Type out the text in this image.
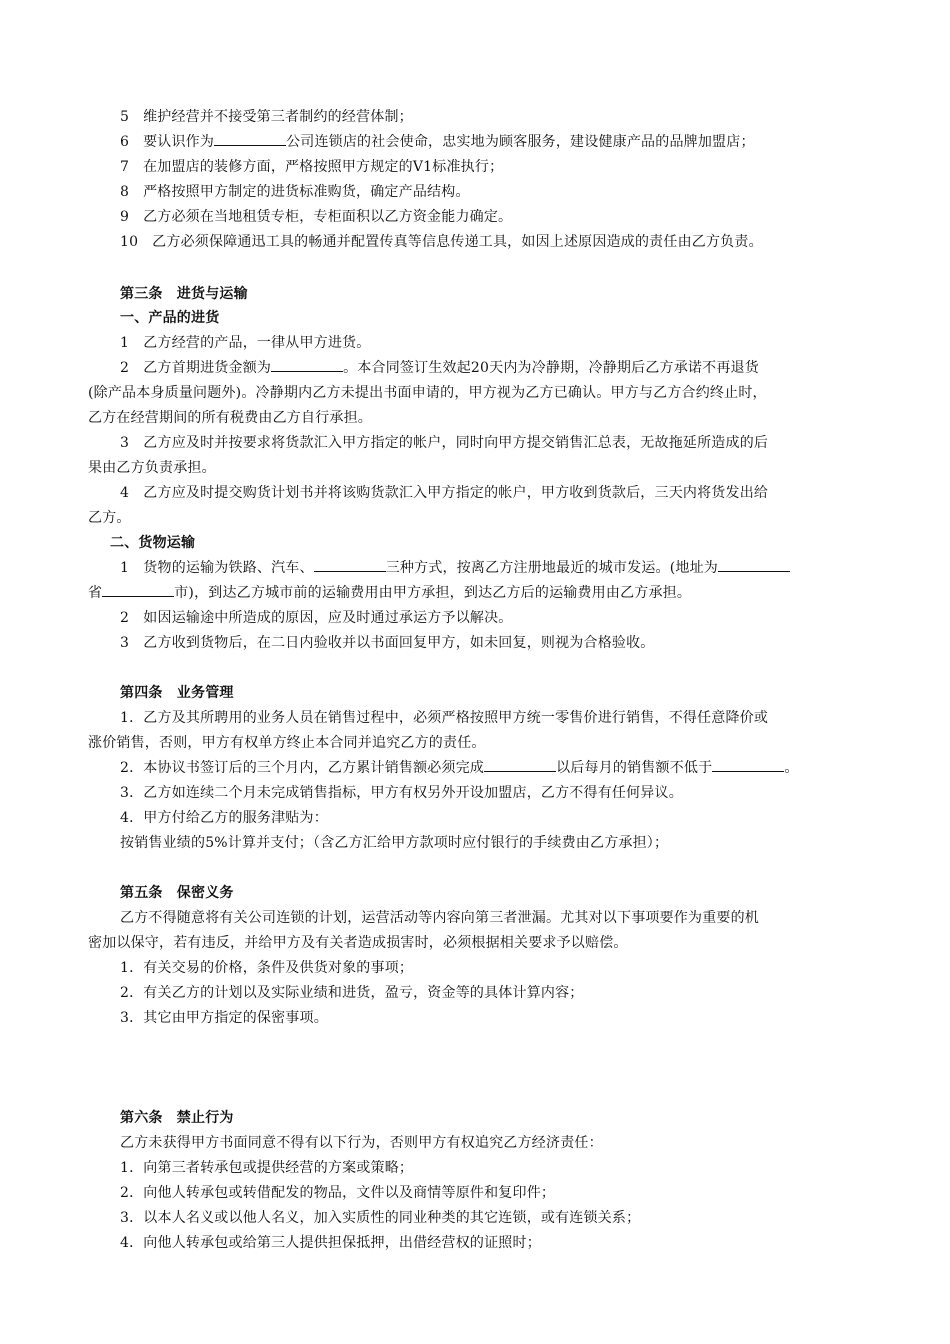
5 维护经营并不接受第三者制约的经营体制；
6 要认识作为	公司连锁店的社会使命，忠实地为顾客服务，建设健康产品的品牌加盟店；
7 在加盟店的装修方面，严格按照甲方规定的V1标准执行；
8 严格按照甲方制定的进货标准购货，确定产品结构。
9 乙方必须在当地租赁专柜，专柜面积以乙方资金能力确定。
10 乙方必须保障通迅工具的畅通并配置传真等信息传递工具，如因上述原因造成的责任由乙方负责。
第三条　进货与运输
一、产品的进货
1　乙方经营的产品，一律从甲方进货。
2　乙方首期进货金额为	。本合同签订生效起20天内为冷静期，冷静期后乙方承诺不再退货
(除产品本身质量问题外)。冷静期内乙方未提出书面申请的，甲方视为乙方已确认。甲方与乙方合约终止时，
乙方在经营期间的所有税费由乙方自行承担。
3　乙方应及时并按要求将货款汇入甲方指定的帐户，同时向甲方提交销售汇总表，无故拖延所造成的后
果由乙方负责承担。
4　乙方应及时提交购货计划书并将该购货款汇入甲方指定的帐户，甲方收到货款后，三天内将货发出给
乙方。
二、货物运输
1　货物的运输为铁路、汽车、	三种方式，按离乙方注册地最近的城市发运。(地址为
省	市)，到达乙方城市前的运输费用由甲方承担，到达乙方后的运输费用由乙方承担。
2　如因运输途中所造成的原因，应及时通过承运方予以解决。
3　乙方收到货物后，在二日内验收并以书面回复甲方，如未回复，则视为合格验收。
第四条　业务管理
1．乙方及其所聘用的业务人员在销售过程中，必须严格按照甲方统一零售价进行销售，不得任意降价或
涨价销售，否则，甲方有权单方终止本合同并追究乙方的责任。
2．本协议书签订后的三个月内，乙方累计销售额必须完成	以后每月的销售额不低于	。
3．乙方如连续二个月未完成销售指标，甲方有权另外开设加盟店，乙方不得有任何异议。
4．甲方付给乙方的服务津贴为：
按销售业绩的5%计算并支付；（含乙方汇给甲方款项时应付银行的手续费由乙方承担）；
第五条　保密义务
乙方不得随意将有关公司连锁的计划，运营活动等内容向第三者泄漏。尤其对以下事项要作为重要的机
密加以保守，若有违反，并给甲方及有关者造成损害时，必须根据相关要求予以赔偿。
1．有关交易的价格，条件及供货对象的事项；
2．有关乙方的计划以及实际业绩和进货，盈亏，资金等的具体计算内容；
3．其它由甲方指定的保密事项。
第六条　禁止行为
乙方未获得甲方书面同意不得有以下行为，否则甲方有权追究乙方经济责任：
1．向第三者转承包或提供经营的方案或策略；
2．向他人转承包或转借配发的物品，文件以及商情等原件和复印件；
3．以本人名义或以他人名义，加入实质性的同业种类的其它连锁，或有连锁关系；
4．向他人转承包或给第三人提供担保抵押，出借经营权的证照时；
